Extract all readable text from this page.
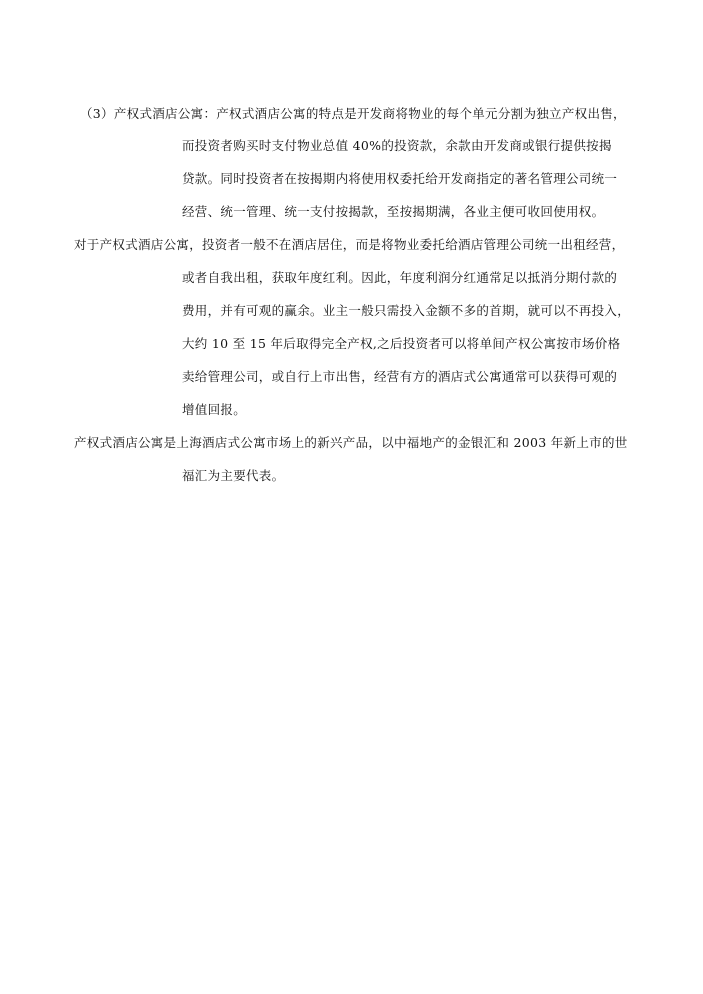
（3）产权式酒店公寓：产权式酒店公寓的特点是开发商将物业的每个单元分割为独立产权出售，
而投资者购买时支付物业总值 40%的投资款，余款由开发商或银行提供按揭
贷款。同时投资者在按揭期内将使用权委托给开发商指定的著名管理公司统一
经营、统一管理、统一支付按揭款，至按揭期满，各业主便可收回使用权。
对于产权式酒店公寓，投资者一般不在酒店居住，而是将物业委托给酒店管理公司统一出租经营，
或者自我出租，获取年度红利。因此，年度利润分红通常足以抵消分期付款的
费用，并有可观的赢余。业主一般只需投入金额不多的首期，就可以不再投入，
大约 10 至 15 年后取得完全产权,之后投资者可以将单间产权公寓按市场价格
卖给管理公司，或自行上市出售，经营有方的酒店式公寓通常可以获得可观的
增值回报。
产权式酒店公寓是上海酒店式公寓市场上的新兴产品，以中福地产的金银汇和 2003 年新上市的世
福汇为主要代表。
